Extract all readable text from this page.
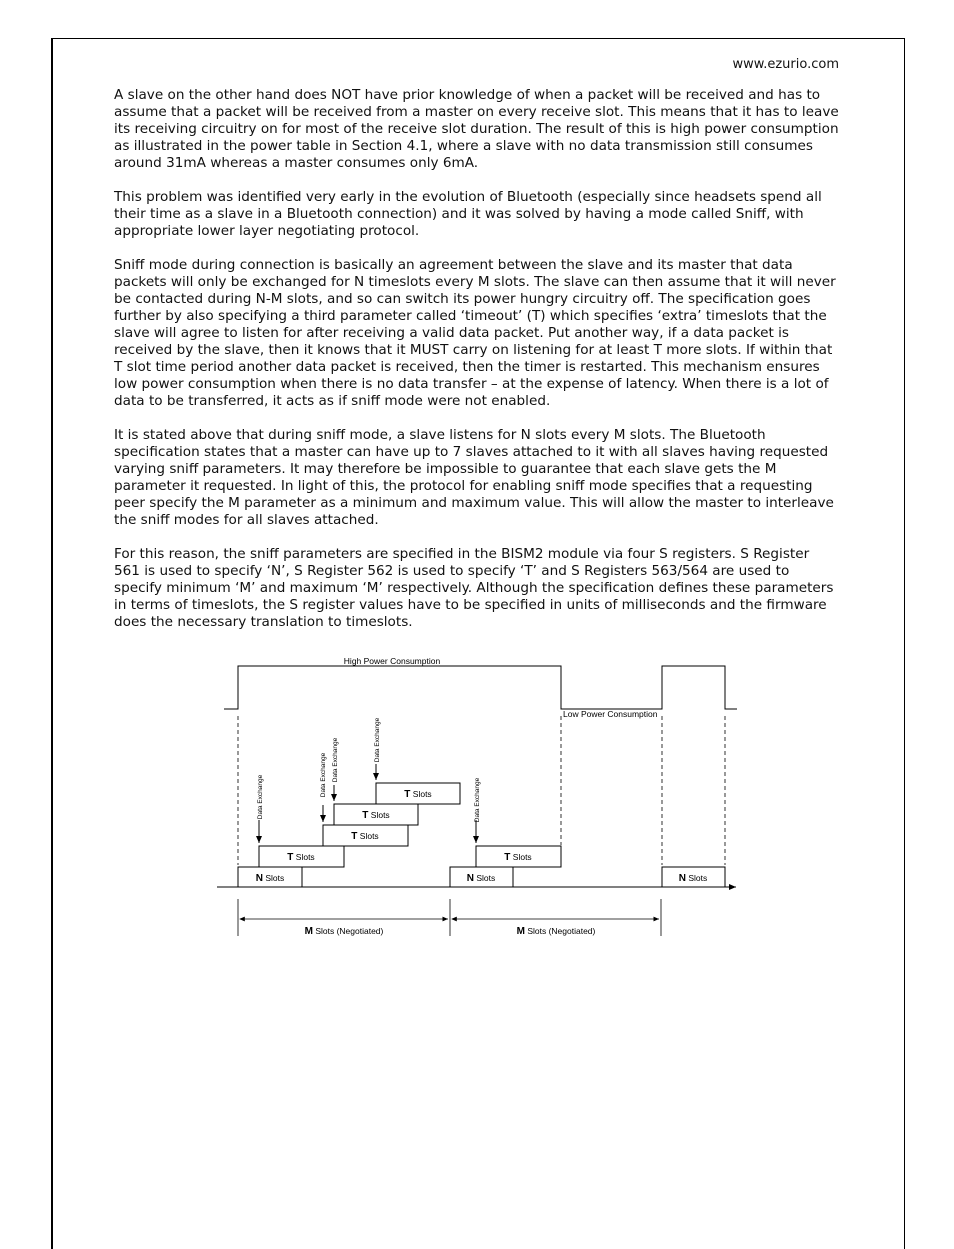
www.ezurio.com

A slave on the other hand does NOT have prior knowledge of when a packet will be received and has to assume that a packet will be received from a master on every receive slot. This means that it has to leave its receiving circuitry on for most of the receive slot duration. The result of this is high power consumption as illustrated in the power table in Section 4.1, where a slave with no data transmission still consumes around 31mA whereas a master consumes only 6mA.

This problem was identified very early in the evolution of Bluetooth (especially since headsets spend all their time as a slave in a Bluetooth connection) and it was solved by having a mode called Sniff, with appropriate lower layer negotiating protocol.

Sniff mode during connection is basically an agreement between the slave and its master that data packets will only be exchanged for N timeslots every M slots. The slave can then assume that it will never be contacted during N-M slots, and so can switch its power hungry circuitry off. The specification goes further by also specifying a third parameter called ‘timeout’ (T) which specifies ‘extra’ timeslots that the slave will agree to listen for after receiving a valid data packet. Put another way, if a data packet is received by the slave, then it knows that it MUST carry on listening for at least T more slots. If within that T slot time period another data packet is received, then the timer is restarted. This mechanism ensures low power consumption when there is no data transfer – at the expense of latency. When there is a lot of data to be transferred, it acts as if sniff mode were not enabled.

It is stated above that during sniff mode, a slave listens for N slots every M slots. The Bluetooth specification states that a master can have up to 7 slaves attached to it with all slaves having requested varying sniff parameters. It may therefore be impossible to guarantee that each slave gets the M parameter it requested. In light of this, the protocol for enabling sniff mode specifies that a requesting peer specify the M parameter as a minimum and maximum value. This will allow the master to interleave the sniff modes for all slaves attached.

For this reason, the sniff parameters are specified in the BISM2 module via four S registers. S Register 561 is used to specify ‘N’, S Register 562 is used to specify ‘T’ and S Registers 563/564 are used to specify minimum ‘M’ and maximum ‘M’ respectively. Although the specification defines these parameters in terms of timeslots, the S register values have to be specified in units of milliseconds and the firmware does the necessary translation to timeslots.

High Power Consumption
Low Power Consumption
N Slots	N Slots	N Slots
T Slots
T Slots
T Slots
T Slots
T Slots
Data Exchange	Data Exchange Data Exchange	Data Exchange
Data Exchange
M Slots (Negotiated)	M Slots (Negotiated)
